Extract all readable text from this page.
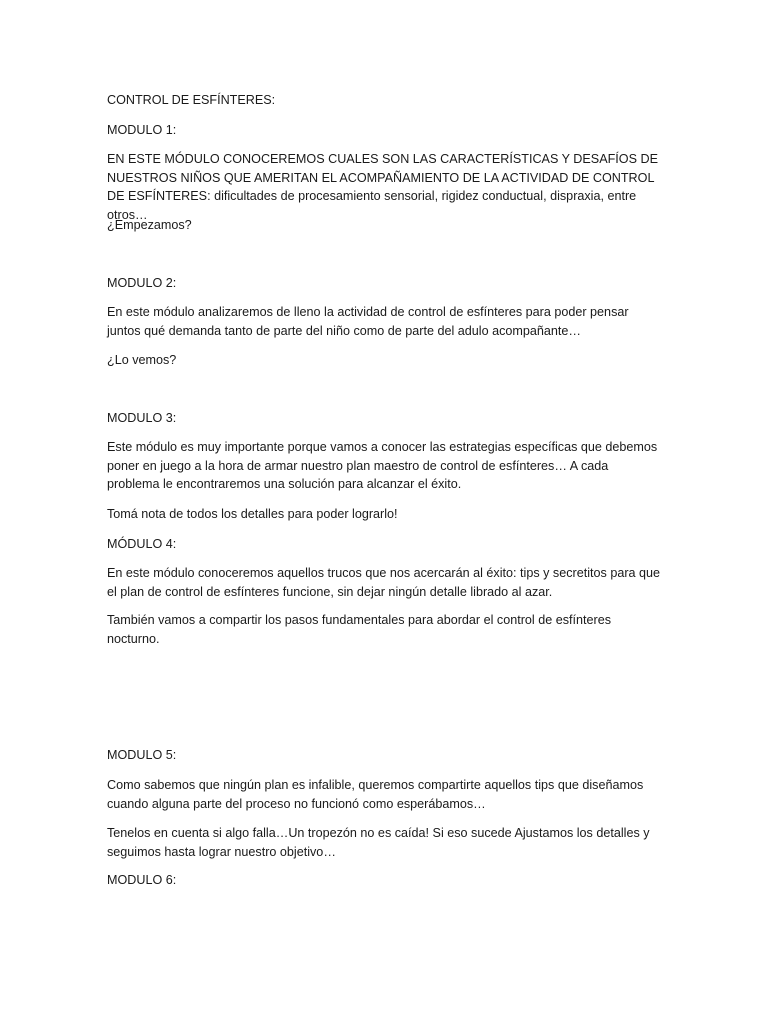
CONTROL DE ESFÍNTERES:
MODULO 1:
EN ESTE MÓDULO CONOCEREMOS CUALES SON LAS CARACTERÍSTICAS Y DESAFÍOS DE NUESTROS NIÑOS QUE AMERITAN EL ACOMPAÑAMIENTO DE LA ACTIVIDAD DE CONTROL DE ESFÍNTERES: dificultades de procesamiento sensorial, rigidez conductual, dispraxia, entre otros…
¿Empezamos?
MODULO 2:
En este módulo analizaremos de lleno la actividad de control de esfínteres para poder pensar juntos qué demanda tanto de parte del niño como de parte del adulo acompañante…
¿Lo vemos?
MODULO 3:
Este módulo es muy importante porque vamos a conocer las estrategias específicas que debemos poner en juego a la hora de armar nuestro plan maestro de control de esfínteres… A cada problema le encontraremos una solución para alcanzar el éxito.
Tomá nota de todos los detalles para poder lograrlo!
MÓDULO 4:
En este módulo conoceremos aquellos trucos que nos acercarán al éxito: tips y secretitos para que el plan de control de esfínteres funcione, sin dejar ningún detalle librado al azar.
También vamos a compartir los pasos fundamentales para abordar el control de esfínteres nocturno.
MODULO 5:
Como sabemos que ningún plan es infalible, queremos compartirte aquellos tips que diseñamos cuando alguna parte del proceso no funcionó como esperábamos…
Tenelos en cuenta si algo falla…Un tropezón no es caída! Si eso sucede Ajustamos los detalles y seguimos hasta lograr nuestro objetivo…
MODULO 6:
